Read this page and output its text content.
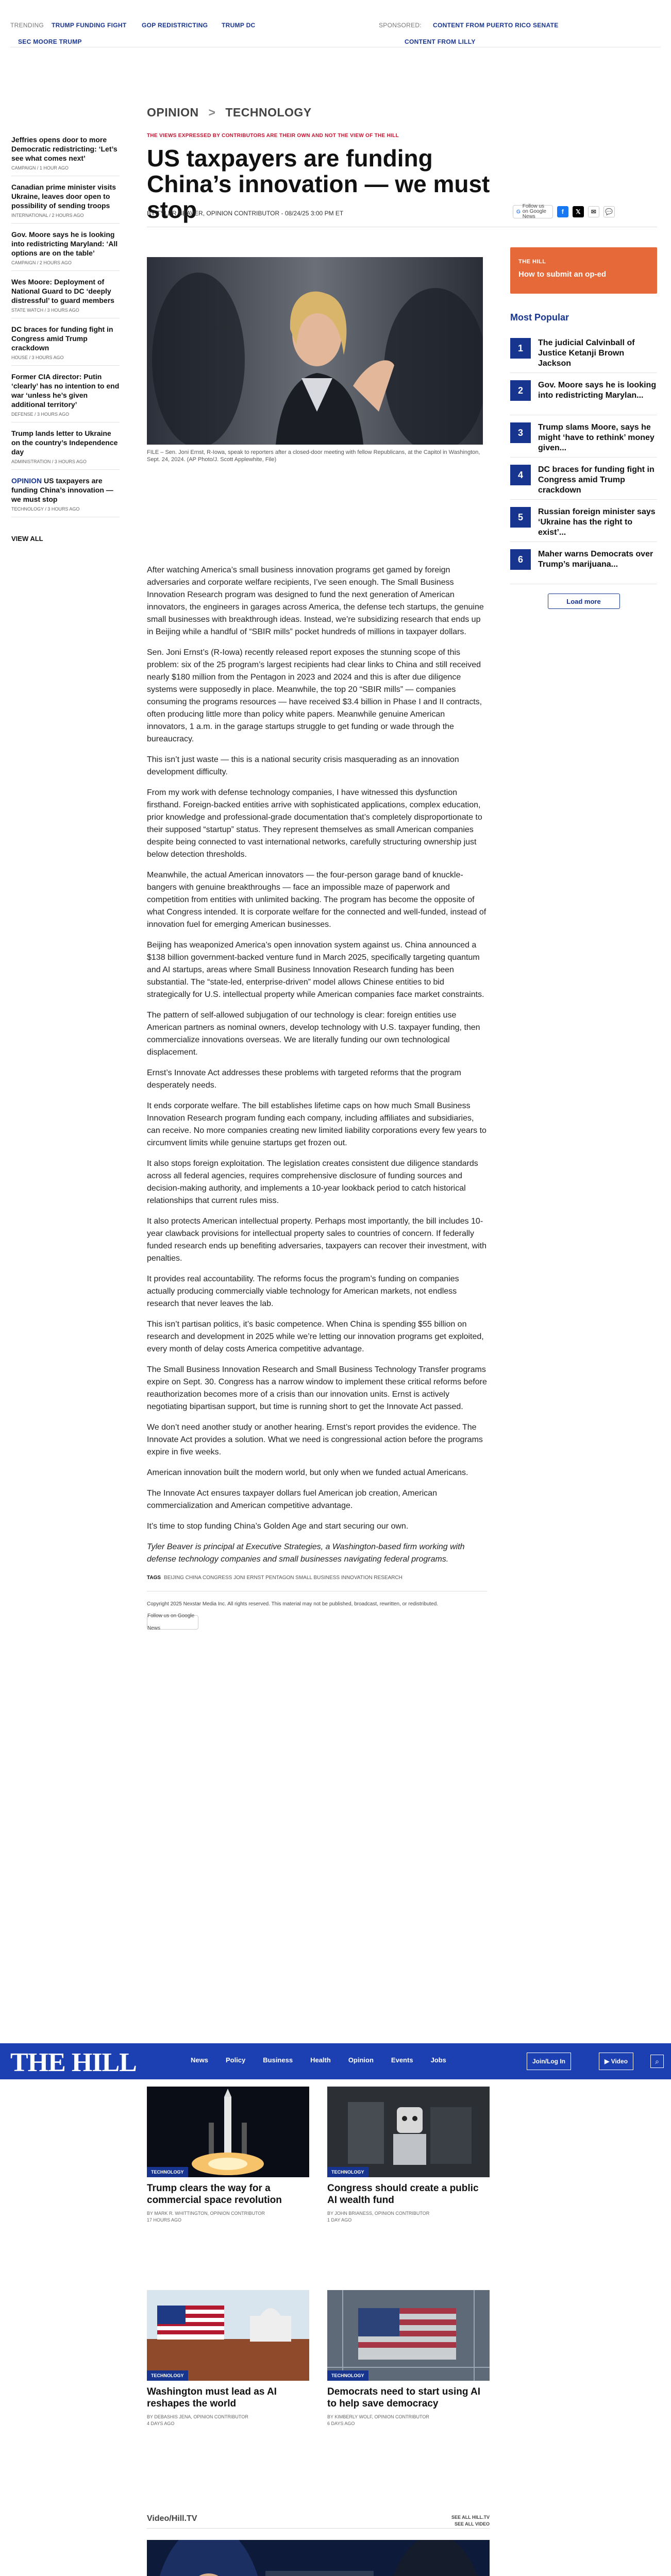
TRENDING TRUMP FUNDING FIGHT GOP REDISTRICTING TRUMP DC
SEC MOORE TRUMP
SPONSORED: CONTENT FROM PUERTO RICO SENATE
CONTENT FROM LILLY
OPINION > TECHNOLOGY
THE VIEWS EXPRESSED BY CONTRIBUTORS ARE THEIR OWN AND NOT THE VIEW OF THE HILL
US taxpayers are funding China’s innovation — we must stop
BY TYLER BEAVER, OPINION CONTRIBUTOR - 08/24/25 3:00 PM ET	G
Follow us on Google News
f	𝕏	✉	💬
Jeffries opens door to more Democratic redistricting: ‘Let’s see what comes next’
CAMPAIGN / 1 HOUR AGO
Canadian prime minister visits Ukraine, leaves door open to possibility of sending troops
INTERNATIONAL / 2 HOURS AGO
Gov. Moore says he is looking into redistricting Maryland: ‘All options are on the table’
CAMPAIGN / 2 HOURS AGO
Wes Moore: Deployment of National Guard to DC ‘deeply distressful’ to guard members
STATE WATCH / 3 HOURS AGO
DC braces for funding fight in Congress amid Trump crackdown
HOUSE / 3 HOURS AGO
Former CIA director: Putin ‘clearly’ has no intention to end war ‘unless he’s given additional territory’
DEFENSE / 3 HOURS AGO
Trump lands letter to Ukraine on the country’s Independence day
ADMINISTRATION / 3 HOURS AGO
OPINION US taxpayers are funding China’s innovation — we must stop
TECHNOLOGY / 3 HOURS AGO
VIEW ALL
FILE – Sen. Joni Ernst, R-Iowa, speak to reporters after a closed-door meeting with fellow Republicans, at the Capitol in Washington, Sept. 24, 2024. (AP Photo/J. Scott Applewhite, File)
THE HILL
How to submit an op-ed
Most Popular
1	The judicial Calvinball of Justice Ketanji Brown Jackson
2	Gov. Moore says he is looking into redistricting Marylan...
3	Trump slams Moore, says he might ‘have to rethink’ money given...
4	DC braces for funding fight in Congress amid Trump crackdown
5	Russian foreign minister says ‘Ukraine has the right to exist’...
6	Maher warns Democrats over Trump’s marijuana...
Load more

After watching America’s small business innovation programs get gamed by foreign adversaries and corporate welfare recipients, I’ve seen enough. The Small Business Innovation Research program was designed to fund the next generation of American innovators, the engineers in garages across America, the defense tech startups, the genuine small businesses with breakthrough ideas. Instead, we’re subsidizing research that ends up in Beijing while a handful of “SBIR mills” pocket hundreds of millions in taxpayer dollars.

Sen. Joni Ernst’s (R-Iowa) recently released report exposes the stunning scope of this problem: six of the 25 program’s largest recipients had clear links to China and still received nearly $180 million from the Pentagon in 2023 and 2024 and this is after due diligence systems were supposedly in place. Meanwhile, the top 20 “SBIR mills” — companies consuming the programs resources — have received $3.4 billion in Phase I and II contracts, often producing little more than policy white papers. Meanwhile genuine American innovators, 1 a.m. in the garage startups struggle to get funding or wade through the bureaucracy.

This isn’t just waste — this is a national security crisis masquerading as an innovation development difficulty.

From my work with defense technology companies, I have witnessed this dysfunction firsthand. Foreign-backed entities arrive with sophisticated applications, complex education, prior knowledge and professional-grade documentation that’s completely disproportionate to their supposed “startup” status. They represent themselves as small American companies despite being connected to vast international networks, carefully structuring ownership just below detection thresholds.

Meanwhile, the actual American innovators — the four-person garage band of knuckle-bangers with genuine breakthroughs — face an impossible maze of paperwork and competition from entities with unlimited backing. The program has become the opposite of what Congress intended. It is corporate welfare for the connected and well-funded, instead of innovation fuel for emerging American businesses.

Beijing has weaponized America’s open innovation system against us. China announced a $138 billion government-backed venture fund in March 2025, specifically targeting quantum and AI startups, areas where Small Business Innovation Research funding has been substantial. The “state-led, enterprise-driven” model allows Chinese entities to bid strategically for U.S. intellectual property while American companies face market constraints.

The pattern of self-allowed subjugation of our technology is clear: foreign entities use American partners as nominal owners, develop technology with U.S. taxpayer funding, then commercialize innovations overseas. We are literally funding our own technological displacement.

Ernst’s Innovate Act addresses these problems with targeted reforms that the program desperately needs.

It ends corporate welfare. The bill establishes lifetime caps on how much Small Business Innovation Research program funding each company, including affiliates and subsidiaries, can receive. No more companies creating new limited liability corporations every few years to circumvent limits while genuine startups get frozen out.

It also stops foreign exploitation. The legislation creates consistent due diligence standards across all federal agencies, requires comprehensive disclosure of funding sources and decision-making authority, and implements a 10-year lookback period to catch historical relationships that current rules miss.

It also protects American intellectual property. Perhaps most importantly, the bill includes 10-year clawback provisions for intellectual property sales to countries of concern. If federally funded research ends up benefiting adversaries, taxpayers can recover their investment, with penalties.

It provides real accountability. The reforms focus the program’s funding on companies actually producing commercially viable technology for American markets, not endless research that never leaves the lab.

This isn’t partisan politics, it’s basic competence. When China is spending $55 billion on research and development in 2025 while we’re letting our innovation programs get exploited, every month of delay costs America competitive advantage.

The Small Business Innovation Research and Small Business Technology Transfer programs expire on Sept. 30. Congress has a narrow window to implement these critical reforms before reauthorization becomes more of a crisis than our innovation units. Ernst is actively negotiating bipartisan support, but time is running short to get the Innovate Act passed.

We don’t need another study or another hearing. Ernst’s report provides the evidence. The Innovate Act provides a solution. What we need is congressional action before the programs expire in five weeks.

American innovation built the modern world, but only when we funded actual Americans.

The Innovate Act ensures taxpayer dollars fuel American job creation, American commercialization and American competitive advantage.

It’s time to stop funding China’s Golden Age and start securing our own.

Tyler Beaver is principal at Executive Strategies, a Washington-based firm working with defense technology companies and small businesses navigating federal programs.

TAGS BEIJING CHINA CONGRESS JONI ERNST PENTAGON SMALL BUSINESS INNOVATION RESEARCH
Copyright 2025 Nexstar Media Inc. All rights reserved. This material may not be published, broadcast, rewritten, or redistributed.
Follow us on Google News
THE HILL	News	Policy	Business	Health	Opinion	Events	Jobs	Join/Log In	▶ Video	⌕
TECHNOLOGY
Trump clears the way for a commercial space revolution
BY MARK R. WHITTINGTON, OPINION CONTRIBUTOR
17 HOURS AGO
TECHNOLOGY
Congress should create a public AI wealth fund
BY JOHN BRIANESS, OPINION CONTRIBUTOR
1 DAY AGO
TECHNOLOGY
Washington must lead as AI reshapes the world
BY DEBASHIS JENA, OPINION CONTRIBUTOR
4 DAYS AGO
TECHNOLOGY
Democrats need to start using AI to help save democracy
BY KIMBERLY WOLF, OPINION CONTRIBUTOR
6 DAYS AGO
Video/Hill.TV	SEE ALL HILL.TV
SEE ALL VIDEO
